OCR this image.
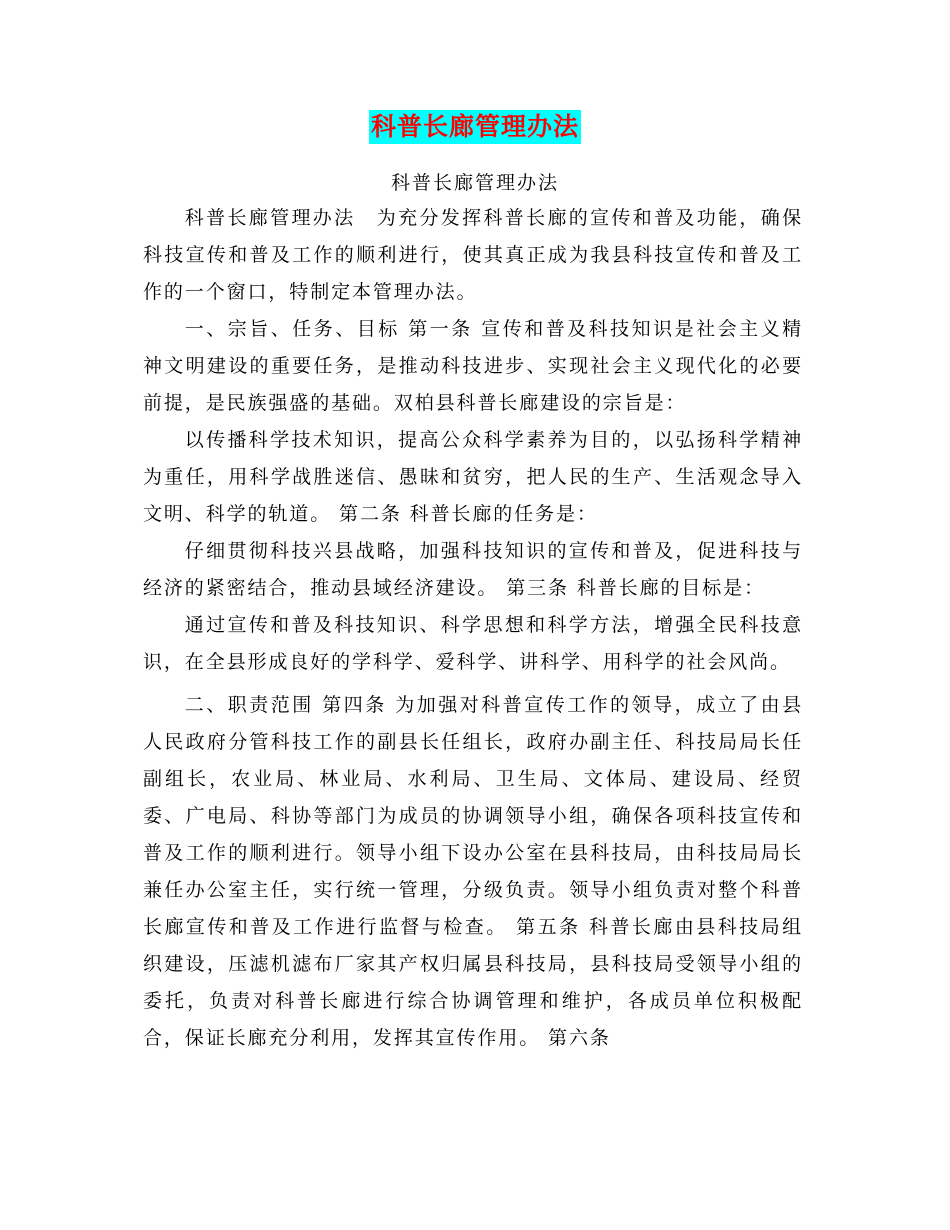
科普长廊管理办法
科普长廊管理办法

科普长廊管理办法　为充分发挥科普长廊的宣传和普及功能，确保科技宣传和普及工作的顺利进行，使其真正成为我县科技宣传和普及工作的一个窗口，特制定本管理办法。

一、宗旨、任务、目标 第一条 宣传和普及科技知识是社会主义精神文明建设的重要任务，是推动科技进步、实现社会主义现代化的必要前提，是民族强盛的基础。双柏县科普长廊建设的宗旨是：

以传播科学技术知识，提高公众科学素养为目的，以弘扬科学精神为重任，用科学战胜迷信、愚昧和贫穷，把人民的生产、生活观念导入文明、科学的轨道。 第二条 科普长廊的任务是：

仔细贯彻科技兴县战略，加强科技知识的宣传和普及，促进科技与经济的紧密结合，推动县域经济建设。 第三条 科普长廊的目标是：

通过宣传和普及科技知识、科学思想和科学方法，增强全民科技意识，在全县形成良好的学科学、爱科学、讲科学、用科学的社会风尚。

二、职责范围 第四条 为加强对科普宣传工作的领导，成立了由县人民政府分管科技工作的副县长任组长，政府办副主任、科技局局长任副组长，农业局、林业局、水利局、卫生局、文体局、建设局、经贸委、广电局、科协等部门为成员的协调领导小组，确保各项科技宣传和普及工作的顺利进行。领导小组下设办公室在县科技局，由科技局局长兼任办公室主任，实行统一管理，分级负责。领导小组负责对整个科普长廊宣传和普及工作进行监督与检查。 第五条 科普长廊由县科技局组织建设，压滤机滤布厂家其产权归属县科技局，县科技局受领导小组的委托，负责对科普长廊进行综合协调管理和维护，各成员单位积极配合，保证长廊充分利用，发挥其宣传作用。 第六条
